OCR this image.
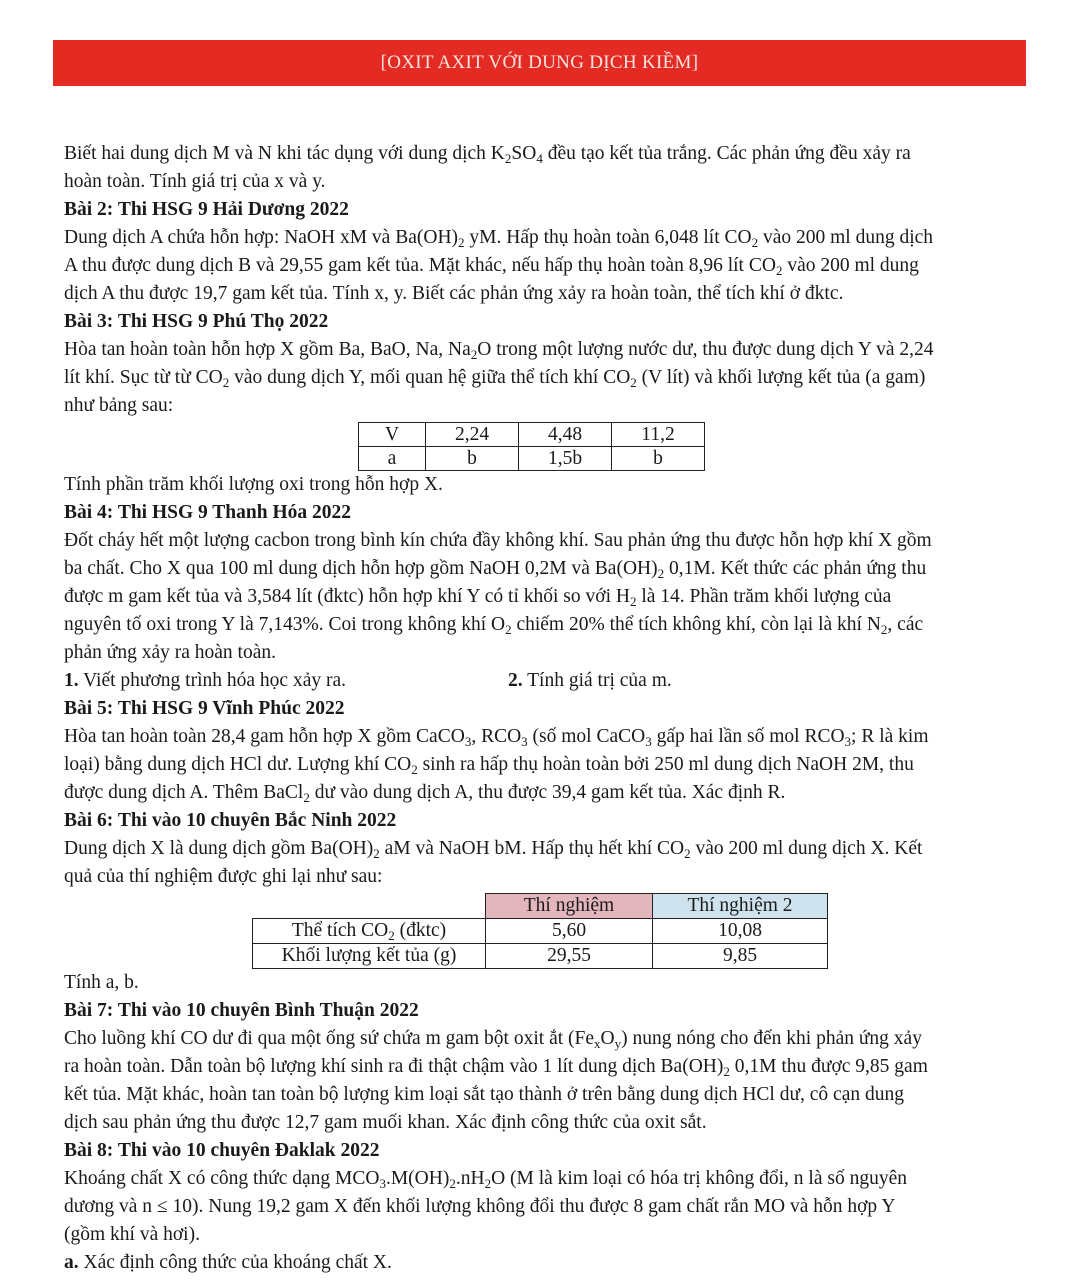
[OXIT AXIT VỚI DUNG DỊCH KIỀM]

Biết hai dung dịch M và N khi tác dụng với dung dịch $K_2SO_4$ đều tạo kết tủa trắng. Các phản ứng đều xảy ra

hoàn toàn. Tính giá trị của x và y.

Bài 2: Thi HSG 9 Hải Dương 2022

Dung dịch A chứa hỗn hợp: NaOH xM và $Ba(OH)_2$ yM. Hấp thụ hoàn toàn 6,048 lít $CO_2$ vào 200 ml dung dịch

A thu được dung dịch B và 29,55 gam kết tủa. Mặt khác, nếu hấp thụ hoàn toàn 8,96 lít $CO_2$ vào 200 ml dung

dịch A thu được 19,7 gam kết tủa. Tính x, y. Biết các phản ứng xảy ra hoàn toàn, thể tích khí ở đktc.

Bài 3: Thi HSG 9 Phú Thọ 2022

Hòa tan hoàn toàn hỗn hợp X gồm Ba, BaO, Na, $Na_2O$ trong một lượng nước dư, thu được dung dịch Y và 2,24

lít khí. Sục từ từ $CO_2$ vào dung dịch Y, mối quan hệ giữa thể tích khí $CO_2$ (V lít) và khối lượng kết tủa (a gam)

như bảng sau:

V	2,24	4,48	11,2
a	b	1,5b	b

Tính phần trăm khối lượng oxi trong hỗn hợp X.

Bài 4: Thi HSG 9 Thanh Hóa 2022

Đốt cháy hết một lượng cacbon trong bình kín chứa đầy không khí. Sau phản ứng thu được hỗn hợp khí X gồm

ba chất. Cho X qua 100 ml dung dịch hỗn hợp gồm NaOH 0,2M và $Ba(OH)_2$ 0,1M. Kết thức các phản ứng thu

được m gam kết tủa và 3,584 lít (đktc) hỗn hợp khí Y có tỉ khối so với $H_2$ là 14. Phần trăm khối lượng của

nguyên tố oxi trong Y là 7,143%. Coi trong không khí $O_2$ chiếm 20% thể tích không khí, còn lại là khí $N_2$, các

phản ứng xảy ra hoàn toàn.

1. Viết phương trình hóa học xảy ra.	2. Tính giá trị của m.

Bài 5: Thi HSG 9 Vĩnh Phúc 2022

Hòa tan hoàn toàn 28,4 gam hỗn hợp X gồm CaCO$_3$, $RCO_3$ (số mol CaCO$_3$ gấp hai lần số mol $RCO_3$; R là kim

loại) bằng dung dịch HCl dư. Lượng khí $CO_2$ sinh ra hấp thụ hoàn toàn bởi 250 ml dung dịch NaOH 2M, thu

được dung dịch A. Thêm BaCl$_2$ dư vào dung dịch A, thu được 39,4 gam kết tủa. Xác định R.

Bài 6: Thi vào 10 chuyên Bắc Ninh 2022

Dung dịch X là dung dịch gồm $Ba(OH)_2$ aM và NaOH bM. Hấp thụ hết khí $CO_2$ vào 200 ml dung dịch X. Kết

quả của thí nghiệm được ghi lại như sau:

	Thí nghiệm	Thí nghiệm 2
Thể tích $CO_2$ (đktc)	5,60	10,08
Khối lượng kết tủa (g)	29,55	9,85

Tính a, b.

Bài 7: Thi vào 10 chuyên Bình Thuận 2022

Cho luồng khí CO dư đi qua một ống sứ chứa m gam bột oxit ắt $(Fe_xO_y)$ nung nóng cho đến khi phản ứng xảy

ra hoàn toàn. Dẫn toàn bộ lượng khí sinh ra đi thật chậm vào 1 lít dung dịch $Ba(OH)_2$ 0,1M thu được 9,85 gam

kết tủa. Mặt khác, hoàn tan toàn bộ lượng kim loại sắt tạo thành ở trên bằng dung dịch HCl dư, cô cạn dung

dịch sau phản ứng thu được 12,7 gam muối khan. Xác định công thức của oxit sắt.

Bài 8: Thi vào 10 chuyên Đaklak 2022

Khoáng chất X có công thức dạng $MCO_3.M(OH)_2.nH_2O$ (M là kim loại có hóa trị không đổi, n là số nguyên

dương và n ≤ 10). Nung 19,2 gam X đến khối lượng không đổi thu được 8 gam chất rắn MO và hỗn hợp Y

(gồm khí và hơi).

a. Xác định công thức của khoáng chất X.
